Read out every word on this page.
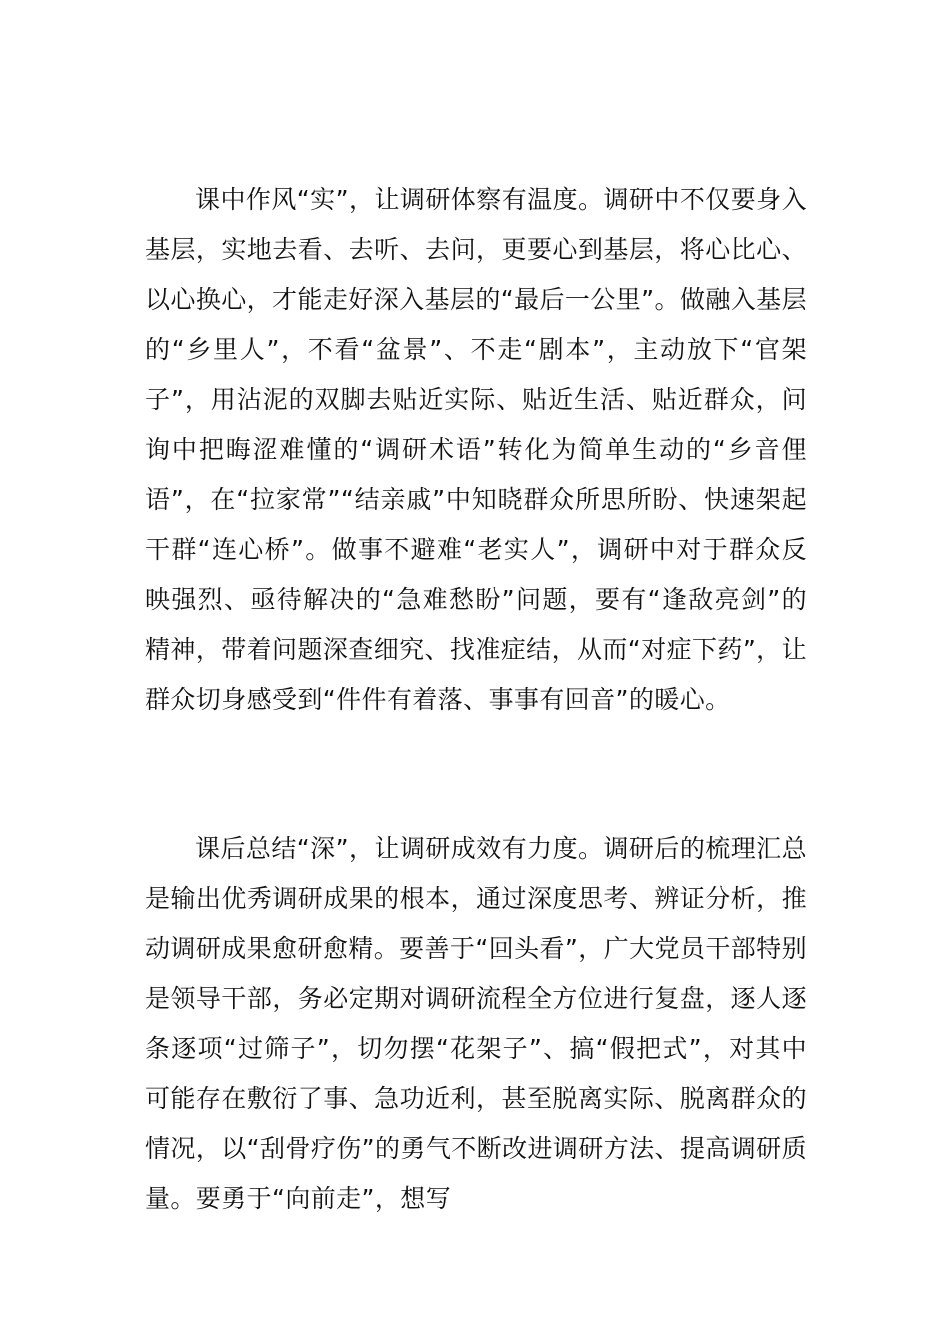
课中作风“实”，让调研体察有温度。调研中不仅要身入基层，实地去看、去听、去问，更要心到基层，将心比心、以心换心，才能走好深入基层的“最后一公里”。做融入基层的“乡里人”，不看“盆景”、不走“剧本”，主动放下“官架子”，用沾泥的双脚去贴近实际、贴近生活、贴近群众，问询中把晦涩难懂的“调研术语”转化为简单生动的“乡音俚语”，在“拉家常”“结亲戚”中知晓群众所思所盼、快速架起干群“连心桥”。做事不避难“老实人”，调研中对于群众反映强烈、亟待解决的“急难愁盼”问题，要有“逢敌亮剑”的精神，带着问题深查细究、找准症结，从而“对症下药”，让群众切身感受到“件件有着落、事事有回音”的暖心。

课后总结“深”，让调研成效有力度。调研后的梳理汇总是输出优秀调研成果的根本，通过深度思考、辨证分析，推动调研成果愈研愈精。要善于“回头看”，广大党员干部特别是领导干部，务必定期对调研流程全方位进行复盘，逐人逐条逐项“过筛子”，切勿摆“花架子”、搞“假把式”，对其中可能存在敷衍了事、急功近利，甚至脱离实际、脱离群众的情况，以“刮骨疗伤”的勇气不断改进调研方法、提高调研质量。要勇于“向前走”，想写
